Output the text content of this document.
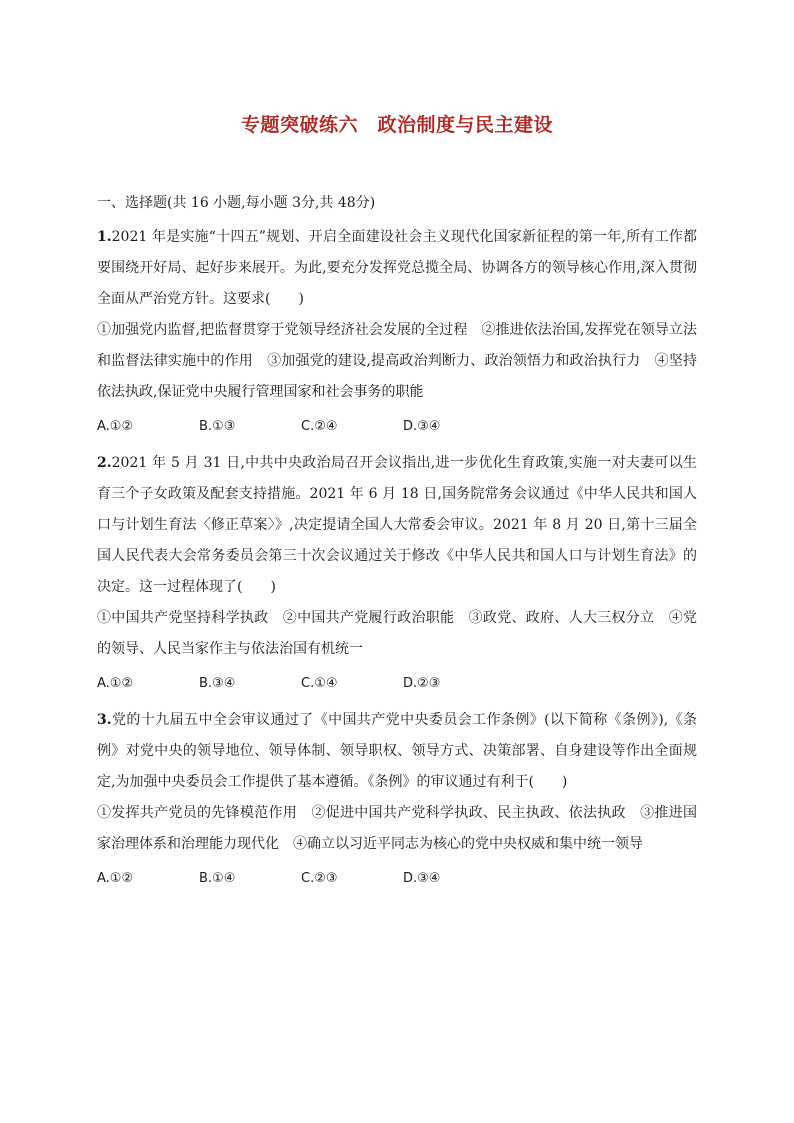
专题突破练六　政治制度与民主建设

一、选择题(共 16 小题,每小题 3分,共 48分)

1.2021 年是实施“十四五”规划、开启全面建设社会主义现代化国家新征程的第一年,所有工作都要围绕开好局、起好步来展开。为此,要充分发挥党总揽全局、协调各方的领导核心作用,深入贯彻全面从严治党方针。这要求(　　)

①加强党内监督,把监督贯穿于党领导经济社会发展的全过程　②推进依法治国,发挥党在领导立法和监督法律实施中的作用　③加强党的建设,提高政治判断力、政治领悟力和政治执行力　④坚持依法执政,保证党中央履行管理国家和社会事务的职能

A.①②	B.①③	C.②④	D.③④

2.2021 年 5 月 31 日,中共中央政治局召开会议指出,进一步优化生育政策,实施一对夫妻可以生育三个子女政策及配套支持措施。2021 年 6 月 18 日,国务院常务会议通过《中华人民共和国人口与计划生育法〈修正草案〉》,决定提请全国人大常委会审议。2021 年 8 月 20 日,第十三届全国人民代表大会常务委员会第三十次会议通过关于修改《中华人民共和国人口与计划生育法》的决定。这一过程体现了(　　)

①中国共产党坚持科学执政　②中国共产党履行政治职能　③政党、政府、人大三权分立　④党的领导、人民当家作主与依法治国有机统一

A.①②	B.③④	C.①④	D.②③

3.党的十九届五中全会审议通过了《中国共产党中央委员会工作条例》(以下简称《条例》),《条例》对党中央的领导地位、领导体制、领导职权、领导方式、决策部署、自身建设等作出全面规定,为加强中央委员会工作提供了基本遵循。《条例》的审议通过有利于(　　)

①发挥共产党员的先锋模范作用　②促进中国共产党科学执政、民主执政、依法执政　③推进国家治理体系和治理能力现代化　④确立以习近平同志为核心的党中央权威和集中统一领导

A.①②	B.①④	C.②③	D.③④
